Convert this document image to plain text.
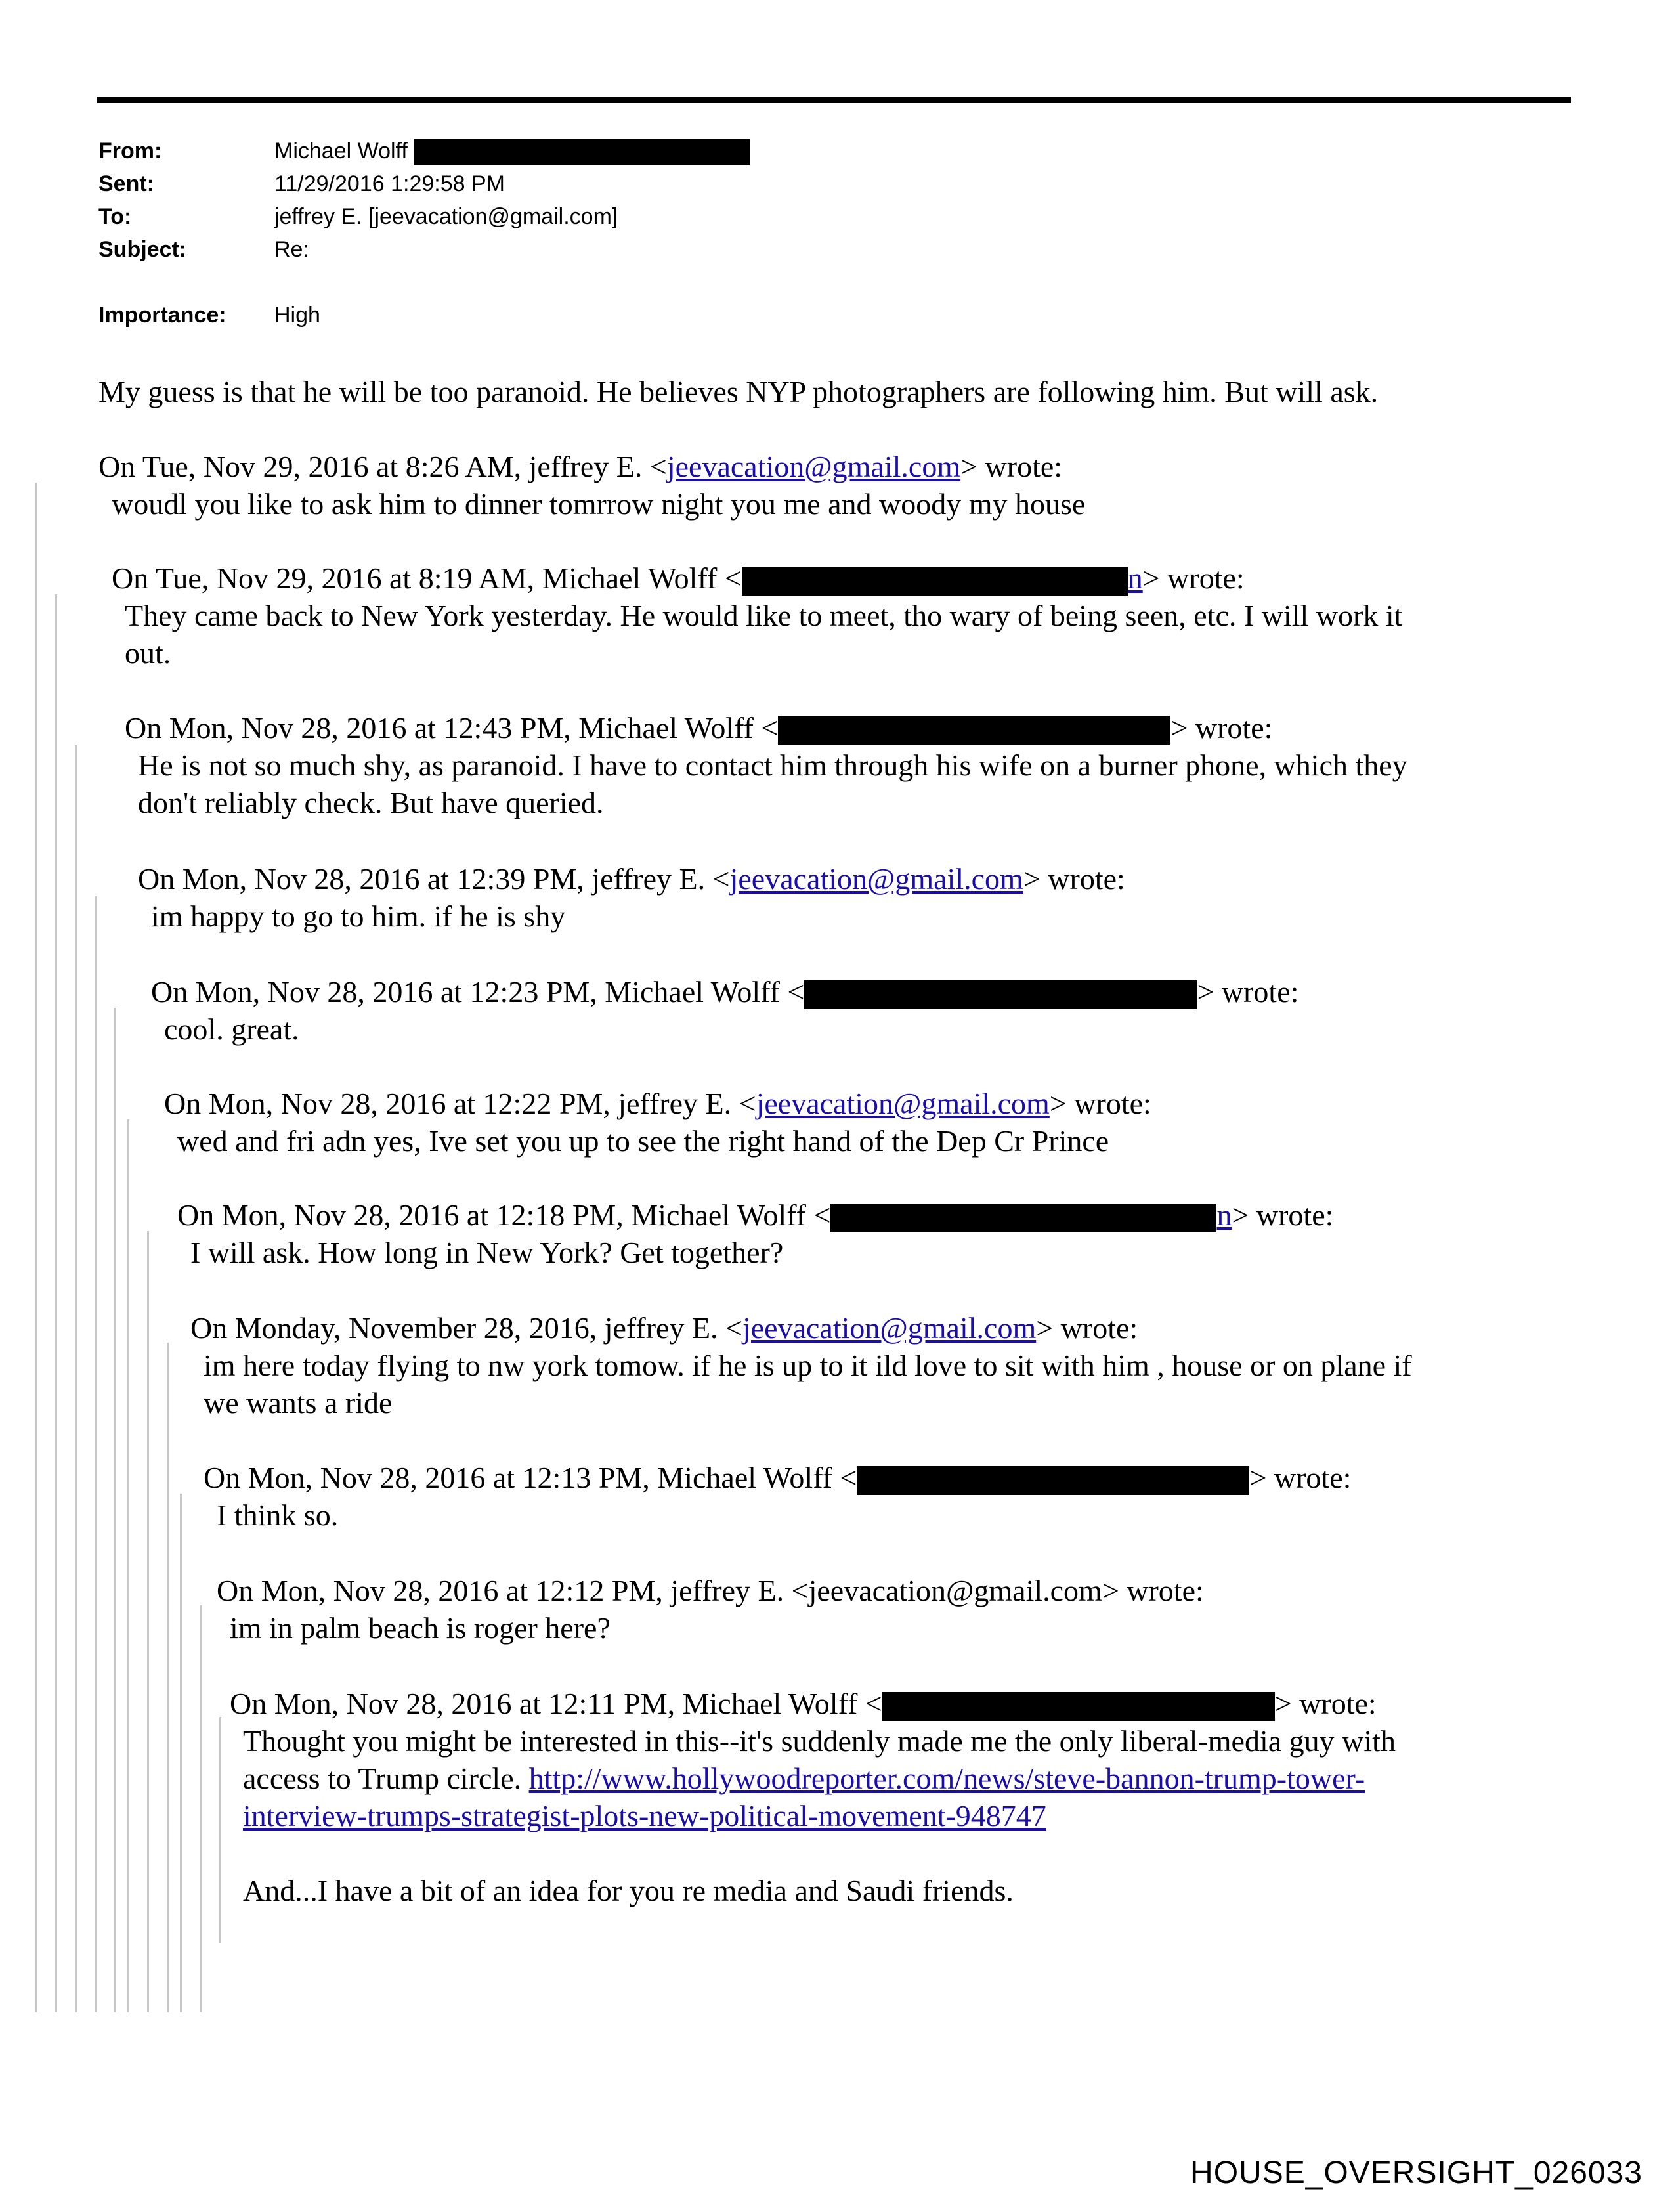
From:	Michael Wolff
Sent:	11/29/2016 1:29:58 PM
To:	jeffrey E. [jeevacation@gmail.com]
Subject:	Re:
Importance: High
My guess is that he will be too paranoid. He believes NYP photographers are following him. But will ask.
On Tue, Nov 29, 2016 at 8:26 AM, jeffrey E. <jeevacation@gmail.com> wrote:
woudl you like to ask him to dinner tomrrow night you me and woody my house
On Tue, Nov 29, 2016 at 8:19 AM, Michael Wolff <	n> wrote:
They came back to New York yesterday. He would like to meet, tho wary of being seen, etc. I will work it
out.
On Mon, Nov 28, 2016 at 12:43 PM, Michael Wolff <	> wrote:
He is not so much shy, as paranoid. I have to contact him through his wife on a burner phone, which they
don't reliably check. But have queried.
On Mon, Nov 28, 2016 at 12:39 PM, jeffrey E. <jeevacation@gmail.com> wrote:
im happy to go to him. if he is shy
On Mon, Nov 28, 2016 at 12:23 PM, Michael Wolff <	> wrote:
cool. great.
On Mon, Nov 28, 2016 at 12:22 PM, jeffrey E. <jeevacation@gmail.com> wrote:
wed and fri adn yes, Ive set you up to see the right hand of the Dep Cr Prince
On Mon, Nov 28, 2016 at 12:18 PM, Michael Wolff <	n> wrote:
I will ask. How long in New York? Get together?
On Monday, November 28, 2016, jeffrey E. <jeevacation@gmail.com> wrote:
im here today flying to nw york tomow. if he is up to it ild love to sit with him , house or on plane if
we wants a ride
On Mon, Nov 28, 2016 at 12:13 PM, Michael Wolff <	> wrote:
I think so.
On Mon, Nov 28, 2016 at 12:12 PM, jeffrey E. <jeevacation@gmail.com> wrote:
im in palm beach is roger here?
On Mon, Nov 28, 2016 at 12:11 PM, Michael Wolff <	> wrote:
Thought you might be interested in this--it's suddenly made me the only liberal-media guy with
access to Trump circle. http://www.hollywoodreporter.com/news/steve-bannon-trump-tower-
interview-trumps-strategist-plots-new-political-movement-948747
And...I have a bit of an idea for you re media and Saudi friends.
HOUSE_OVERSIGHT_026033
